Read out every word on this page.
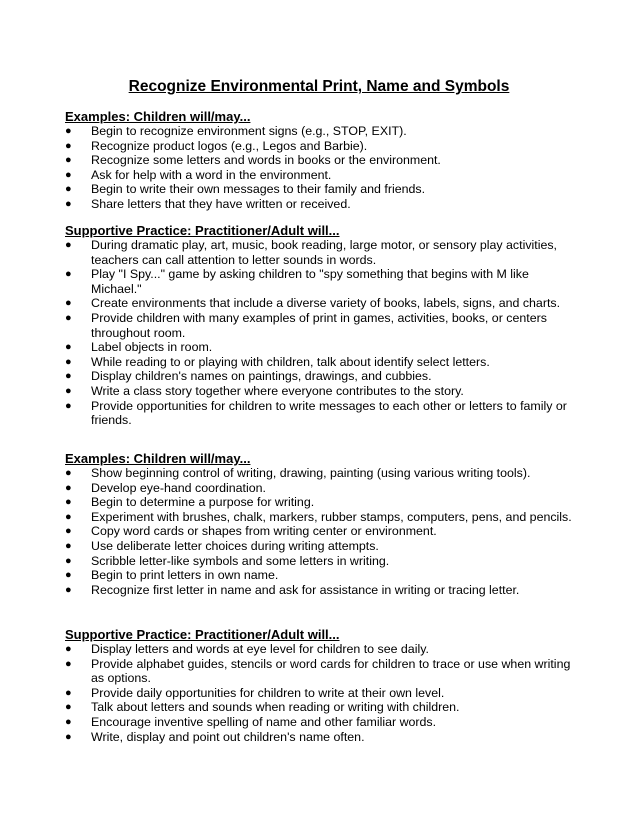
Recognize Environmental Print, Name and Symbols
Examples: Children will/may...
● Begin to recognize environment signs (e.g., STOP, EXIT).
● Recognize product logos (e.g., Legos and Barbie).
● Recognize some letters and words in books or the environment.
● Ask for help with a word in the environment.
● Begin to write their own messages to their family and friends.
● Share letters that they have written or received.
Supportive Practice: Practitioner/Adult will...
● During dramatic play, art, music, book reading, large motor, or sensory play activities, teachers can call attention to letter sounds in words.
● Play "I Spy..." game by asking children to "spy something that begins with M like Michael."
● Create environments that include a diverse variety of books, labels, signs, and charts.
● Provide children with many examples of print in games, activities, books, or centers throughout room.
● Label objects in room.
● While reading to or playing with children, talk about identify select letters.
● Display children's names on paintings, drawings, and cubbies.
● Write a class story together where everyone contributes to the story.
● Provide opportunities for children to write messages to each other or letters to family or friends.
Examples: Children will/may...
● Show beginning control of writing, drawing, painting (using various writing tools).
● Develop eye-hand coordination.
● Begin to determine a purpose for writing.
● Experiment with brushes, chalk, markers, rubber stamps, computers, pens, and pencils.
● Copy word cards or shapes from writing center or environment.
● Use deliberate letter choices during writing attempts.
● Scribble letter-like symbols and some letters in writing.
● Begin to print letters in own name.
● Recognize first letter in name and ask for assistance in writing or tracing letter.
Supportive Practice: Practitioner/Adult will...
● Display letters and words at eye level for children to see daily.
● Provide alphabet guides, stencils or word cards for children to trace or use when writing as options.
● Provide daily opportunities for children to write at their own level.
● Talk about letters and sounds when reading or writing with children.
● Encourage inventive spelling of name and other familiar words.
● Write, display and point out children's name often.
